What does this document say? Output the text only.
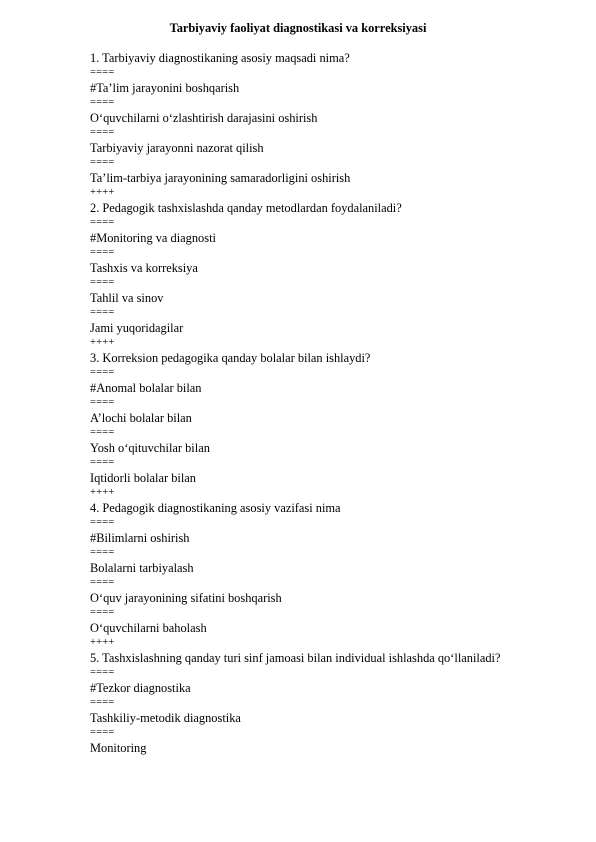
Tarbiyaviy faoliyat diagnostikasi va korreksiyasi
1. Tarbiyaviy diagnostikaning asosiy maqsadi nima?
====
#Ta’lim jarayonini boshqarish
====
O‘quvchilarni o‘zlashtirish darajasini oshirish
====
Tarbiyaviy jarayonni nazorat qilish
====
Ta’lim-tarbiya jarayonining samaradorligini oshirish
++++
2. Pedagogik tashxislashda qanday metodlardan foydalaniladi?
====
#Monitoring va diagnosti
====
Tashxis va korreksiya
====
Tahlil va sinov
====
Jami yuqoridagilar
++++
3. Korreksion pedagogika qanday bolalar bilan ishlaydi?
====
#Anomal bolalar bilan
====
A’lochi bolalar bilan
====
Yosh o‘qituvchilar bilan
====
Iqtidorli bolalar bilan
++++
4. Pedagogik diagnostikaning asosiy vazifasi nima
====
#Bilimlarni oshirish
====
Bolalarni tarbiyalash
====
O‘quv jarayonining sifatini boshqarish
====
O‘quvchilarni baholash
++++
5. Tashxislashning qanday turi sinf jamoasi bilan individual ishlashda qo‘llaniladi?
====
#Tezkor diagnostika
====
Tashkiliy-metodik diagnostika
====
Monitoring
